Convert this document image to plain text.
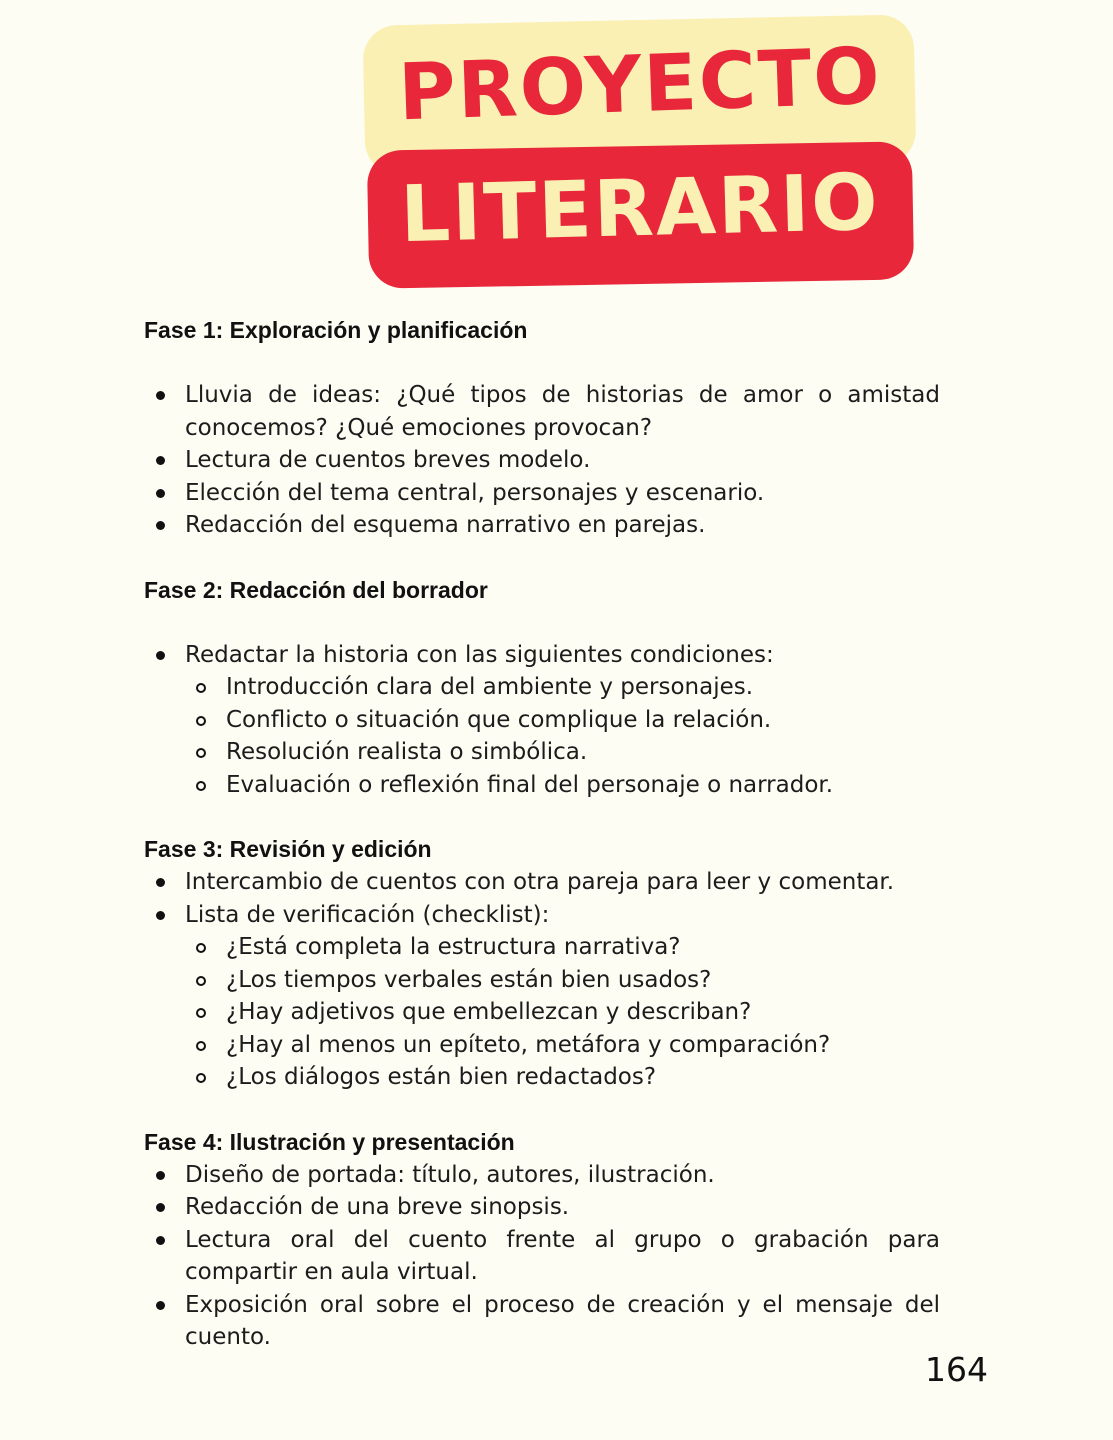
PROYECTO
LITERARIO

Fase 1: Exploración y planificación

Lluvia de ideas: ¿Qué tipos de historias de amor o amistad conocemos? ¿Qué emociones provocan?
Lectura de cuentos breves modelo.
Elección del tema central, personajes y escenario.
Redacción del esquema narrativo en parejas.

Fase 2: Redacción del borrador

Redactar la historia con las siguientes condiciones:
Introducción clara del ambiente y personajes.
Conflicto o situación que complique la relación.
Resolución realista o simbólica.
Evaluación o reflexión final del personaje o narrador.

Fase 3: Revisión y edición

Intercambio de cuentos con otra pareja para leer y comentar.
Lista de verificación (checklist):
¿Está completa la estructura narrativa?
¿Los tiempos verbales están bien usados?
¿Hay adjetivos que embellezcan y describan?
¿Hay al menos un epíteto, metáfora y comparación?
¿Los diálogos están bien redactados?

Fase 4: Ilustración y presentación

Diseño de portada: título, autores, ilustración.
Redacción de una breve sinopsis.
Lectura oral del cuento frente al grupo o grabación para compartir en aula virtual.
Exposición oral sobre el proceso de creación y el mensaje del cuento.
164
